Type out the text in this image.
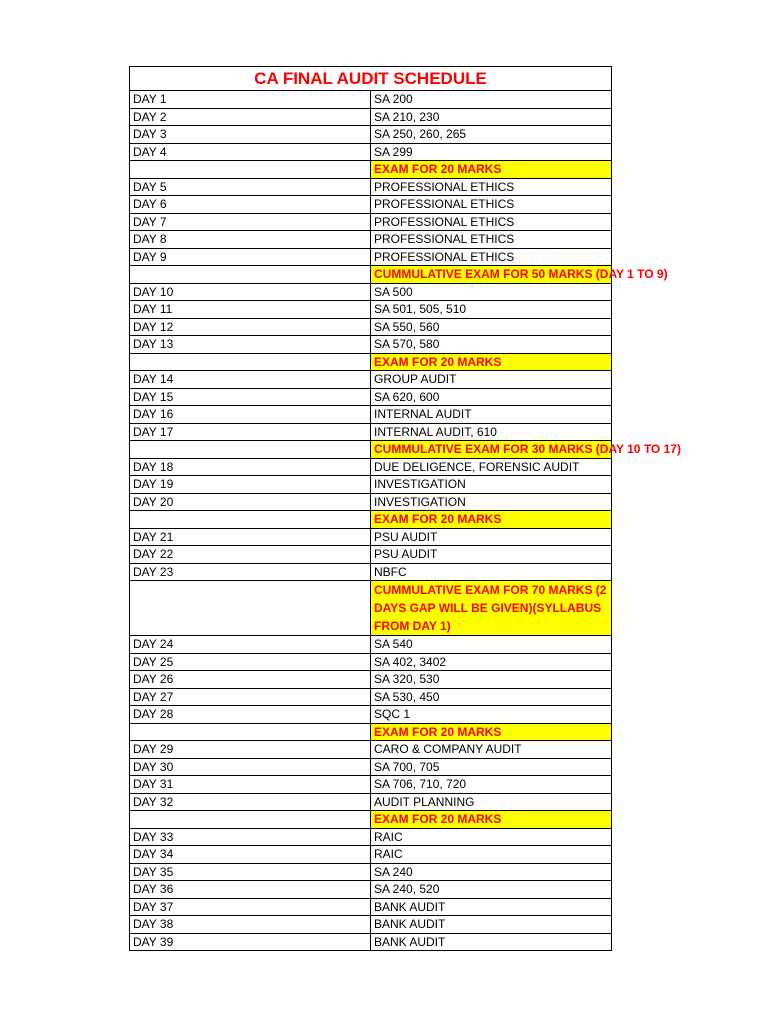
CA FINAL AUDIT SCHEDULE	
DAY 1	SA 200
DAY 2	SA 210, 230
DAY 3	SA 250, 260, 265
DAY 4	SA 299
	EXAM FOR 20 MARKS
DAY 5	PROFESSIONAL ETHICS
DAY 6	PROFESSIONAL ETHICS
DAY 7	PROFESSIONAL ETHICS
DAY 8	PROFESSIONAL ETHICS
DAY 9	PROFESSIONAL ETHICS
	CUMMULATIVE EXAM FOR 50 MARKS (DAY 1 TO 9)
DAY 10	SA 500
DAY 11	SA 501, 505, 510
DAY 12	SA 550, 560
DAY 13	SA 570, 580
	EXAM FOR 20 MARKS
DAY 14	GROUP AUDIT
DAY 15	SA 620, 600
DAY 16	INTERNAL AUDIT
DAY 17	INTERNAL AUDIT, 610
	CUMMULATIVE EXAM FOR 30 MARKS (DAY 10 TO 17)
DAY 18	DUE DELIGENCE, FORENSIC AUDIT
DAY 19	INVESTIGATION
DAY 20	INVESTIGATION
	EXAM FOR 20 MARKS
DAY 21	PSU AUDIT
DAY 22	PSU AUDIT
DAY 23	NBFC
	CUMMULATIVE EXAM FOR 70 MARKS (2 DAYS GAP WILL BE GIVEN)(SYLLABUS FROM DAY 1)
DAY 24	SA 540
DAY 25	SA 402, 3402
DAY 26	SA 320, 530
DAY 27	SA 530, 450
DAY 28	SQC 1
	EXAM FOR 20 MARKS
DAY 29	CARO & COMPANY AUDIT
DAY 30	SA 700, 705
DAY 31	SA 706, 710, 720
DAY 32	AUDIT PLANNING
	EXAM FOR 20 MARKS
DAY 33	RAIC
DAY 34	RAIC
DAY 35	SA 240
DAY 36	SA 240, 520
DAY 37	BANK AUDIT
DAY 38	BANK AUDIT
DAY 39	BANK AUDIT
